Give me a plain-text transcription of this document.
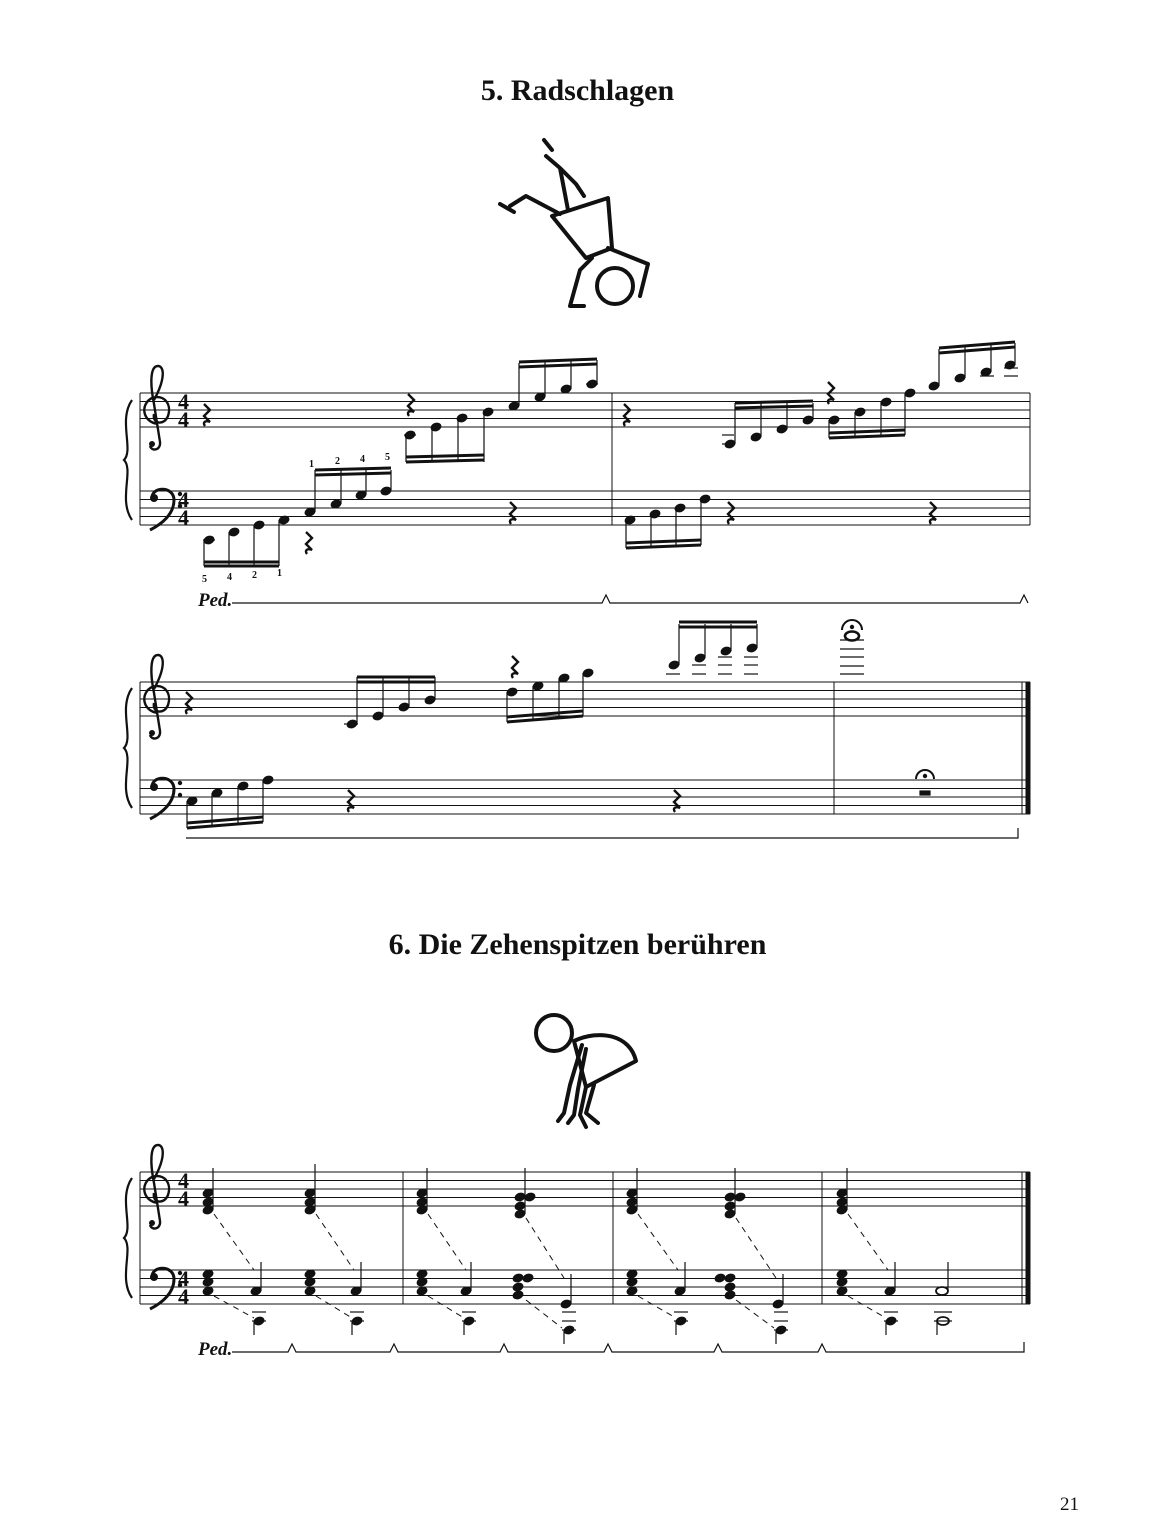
5. Radschlagen
4
4
4
4
1 2 4 5
5 4 2 1
Ped.
4
4
4
4
Ped.
6. Die Zehenspitzen berühren
21
